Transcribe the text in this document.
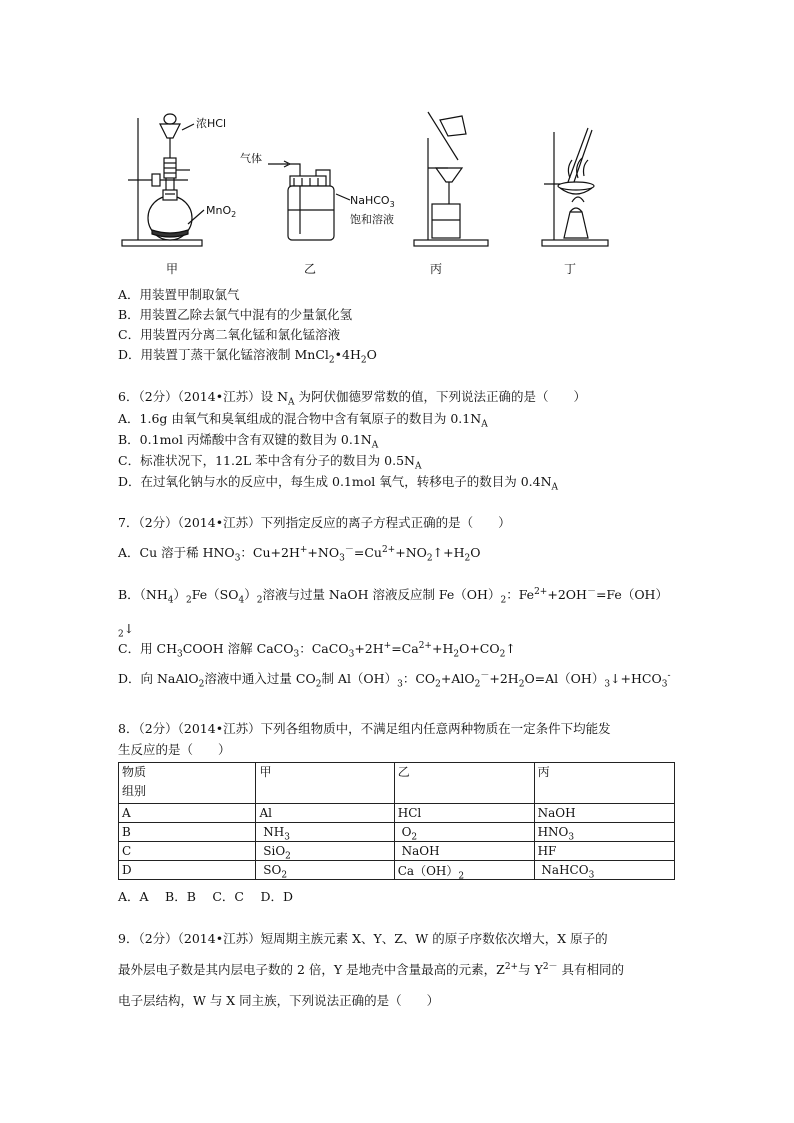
浓HCl
MnO$_2$
气体
NaHCO$_3$
饱和溶液
甲	乙	丙	丁
A．用装置甲制取氯气
B．用装置乙除去氯气中混有的少量氯化氢
C．用装置丙分离二氧化锰和氯化锰溶液
D．用装置丁蒸干氯化锰溶液制 $MnCl_2•4H_2O$
6．（2分）（2014•江苏）设 $N_A$ 为阿伏伽德罗常数的值，下列说法正确的是（　　）
A．1.6g 由氧气和臭氧组成的混合物中含有氧原子的数目为 $0.1N_A$
B．0.1mol 丙烯酸中含有双键的数目为 $0.1N_A$
C．标准状况下，11.2L 苯中含有分子的数目为 $0.5N_A$
D．在过氧化钠与水的反应中，每生成 0.1mol 氧气，转移电子的数目为 $0.4N_A$
7．（2分）（2014•江苏）下列指定反应的离子方程式正确的是（　　）
A．Cu 溶于稀 $HNO_3$：$Cu+2H^++NO_3^-=Cu^{2+}+NO_2↑+H_2O$
B．$(NH_4)_2Fe(SO_4)_2$溶液与过量 NaOH 溶液反应制 $Fe(OH)_2$：$Fe^{2+}+2OH^-=Fe(OH)$
$_2$↓
C．用 $CH_3COOH$ 溶解 CaCO$_3$：$CaCO_3+2H^+=Ca^{2+}+H_2O+CO_2↑$
D．向 NaAlO$_2$溶液中通入过量 $CO_2$制 $Al(OH)_3$：$CO_2+AlO_2^-+2H_2O=Al(OH)_3↓+HCO_3^-$
8．（2分）（2014•江苏）下列各组物质中，不满足组内任意两种物质在一定条件下均能发
生反应的是（　　）
物质
组别	甲	乙	丙
A	Al	HCl	NaOH
B	$NH_3$	$O_2$	$HNO_3$
C	SiO$_2$	NaOH	HF
D	$SO_2$	$Ca(OH)_2$	NaHCO$_3$
A．A　 B．B　 C．C　 D．D
9．（2分）（2014•江苏）短周期主族元素 X、Y、Z、W 的原子序数依次增大，X 原子的
最外层电子数是其内层电子数的 2 倍，Y 是地壳中含量最高的元素，$Z^{2+}$与 $Y^{2-}$ 具有相同的
电子层结构，W 与 X 同主族，下列说法正确的是（　　）
